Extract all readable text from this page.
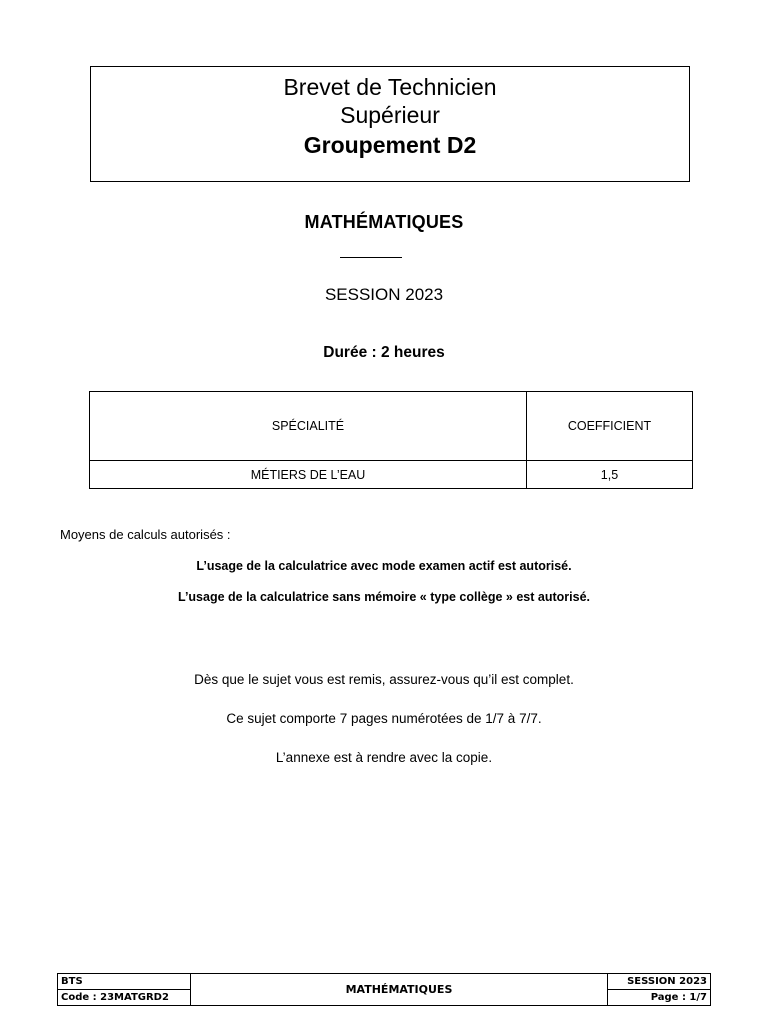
Brevet de Technicien
Supérieur
Groupement D2
MATHÉMATIQUES
SESSION 2023
Durée : 2 heures
SPÉCIALITÉ	COEFFICIENT
MÉTIERS DE L’EAU	1,5
Moyens de calculs autorisés :
L’usage de la calculatrice avec mode examen actif est autorisé.
L’usage de la calculatrice sans mémoire « type collège » est autorisé.
Dès que le sujet vous est remis, assurez-vous qu’il est complet.
Ce sujet comporte 7 pages numérotées de 1/7 à 7/7.
L’annexe est à rendre avec la copie.
BTS	MATHÉMATIQUES	SESSION 2023
Code : 23MATGRD2		Page : 1/7
